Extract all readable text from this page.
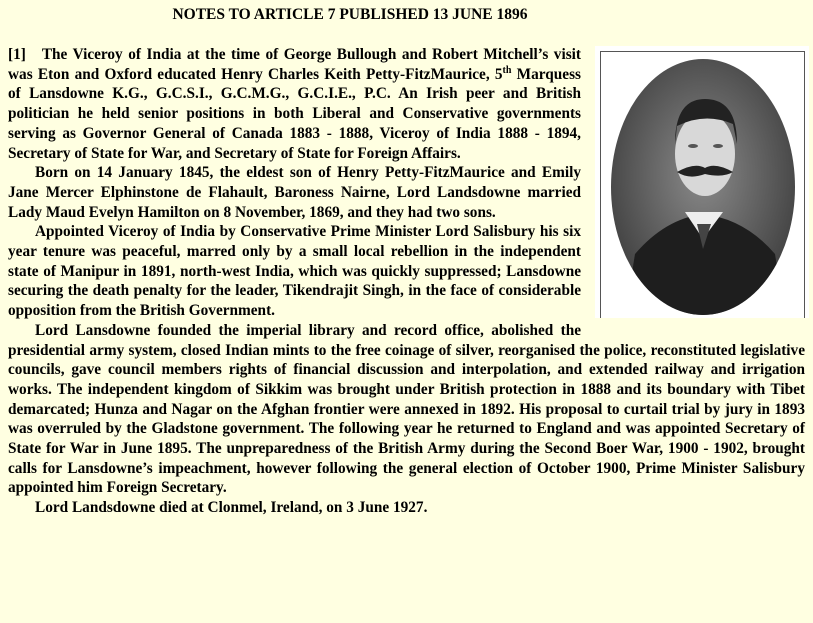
NOTES TO ARTICLE 7 PUBLISHED 13 JUNE 1896

[1] The Viceroy of India at the time of George Bullough and Robert Mitchell’s visit was Eton and Oxford educated Henry Charles Keith Petty-FitzMaurice, 5th Marquess of Lansdowne K.G., G.C.S.I., G.C.M.G., G.C.I.E., P.C. An Irish peer and British politician he held senior positions in both Liberal and Conservative governments serving as Governor General of Canada 1883 - 1888, Viceroy of India 1888 - 1894, Secretary of State for War, and Secretary of State for Foreign Affairs.

Born on 14 January 1845, the eldest son of Henry Petty-FitzMaurice and Emily Jane Mercer Elphinstone de Flahault, Baroness Nairne, Lord Landsdowne married Lady Maud Evelyn Hamilton on 8 November, 1869, and they had two sons.

Appointed Viceroy of India by Conservative Prime Minister Lord Salisbury his six year tenure was peaceful, marred only by a small local rebellion in the independent state of Manipur in 1891, north-west India, which was quickly suppressed; Lansdowne securing the death penalty for the leader, Tikendrajit Singh, in the face of considerable opposition from the British Government.

Lord Lansdowne founded the imperial library and record office, abolished the presidential army system, closed Indian mints to the free coinage of silver, reorganised the police, reconstituted legislative councils, gave council members rights of financial discussion and interpolation, and extended railway and irrigation works. The independent kingdom of Sikkim was brought under British protection in 1888 and its boundary with Tibet demarcated; Hunza and Nagar on the Afghan frontier were annexed in 1892. His proposal to curtail trial by jury in 1893 was overruled by the Gladstone government. The following year he returned to England and was appointed Secretary of State for War in June 1895. The unpreparedness of the British Army during the Second Boer War, 1900 - 1902, brought calls for Lansdowne’s impeachment, however following the general election of October 1900, Prime Minister Salisbury appointed him Foreign Secretary.

Lord Landsdowne died at Clonmel, Ireland, on 3 June 1927.
